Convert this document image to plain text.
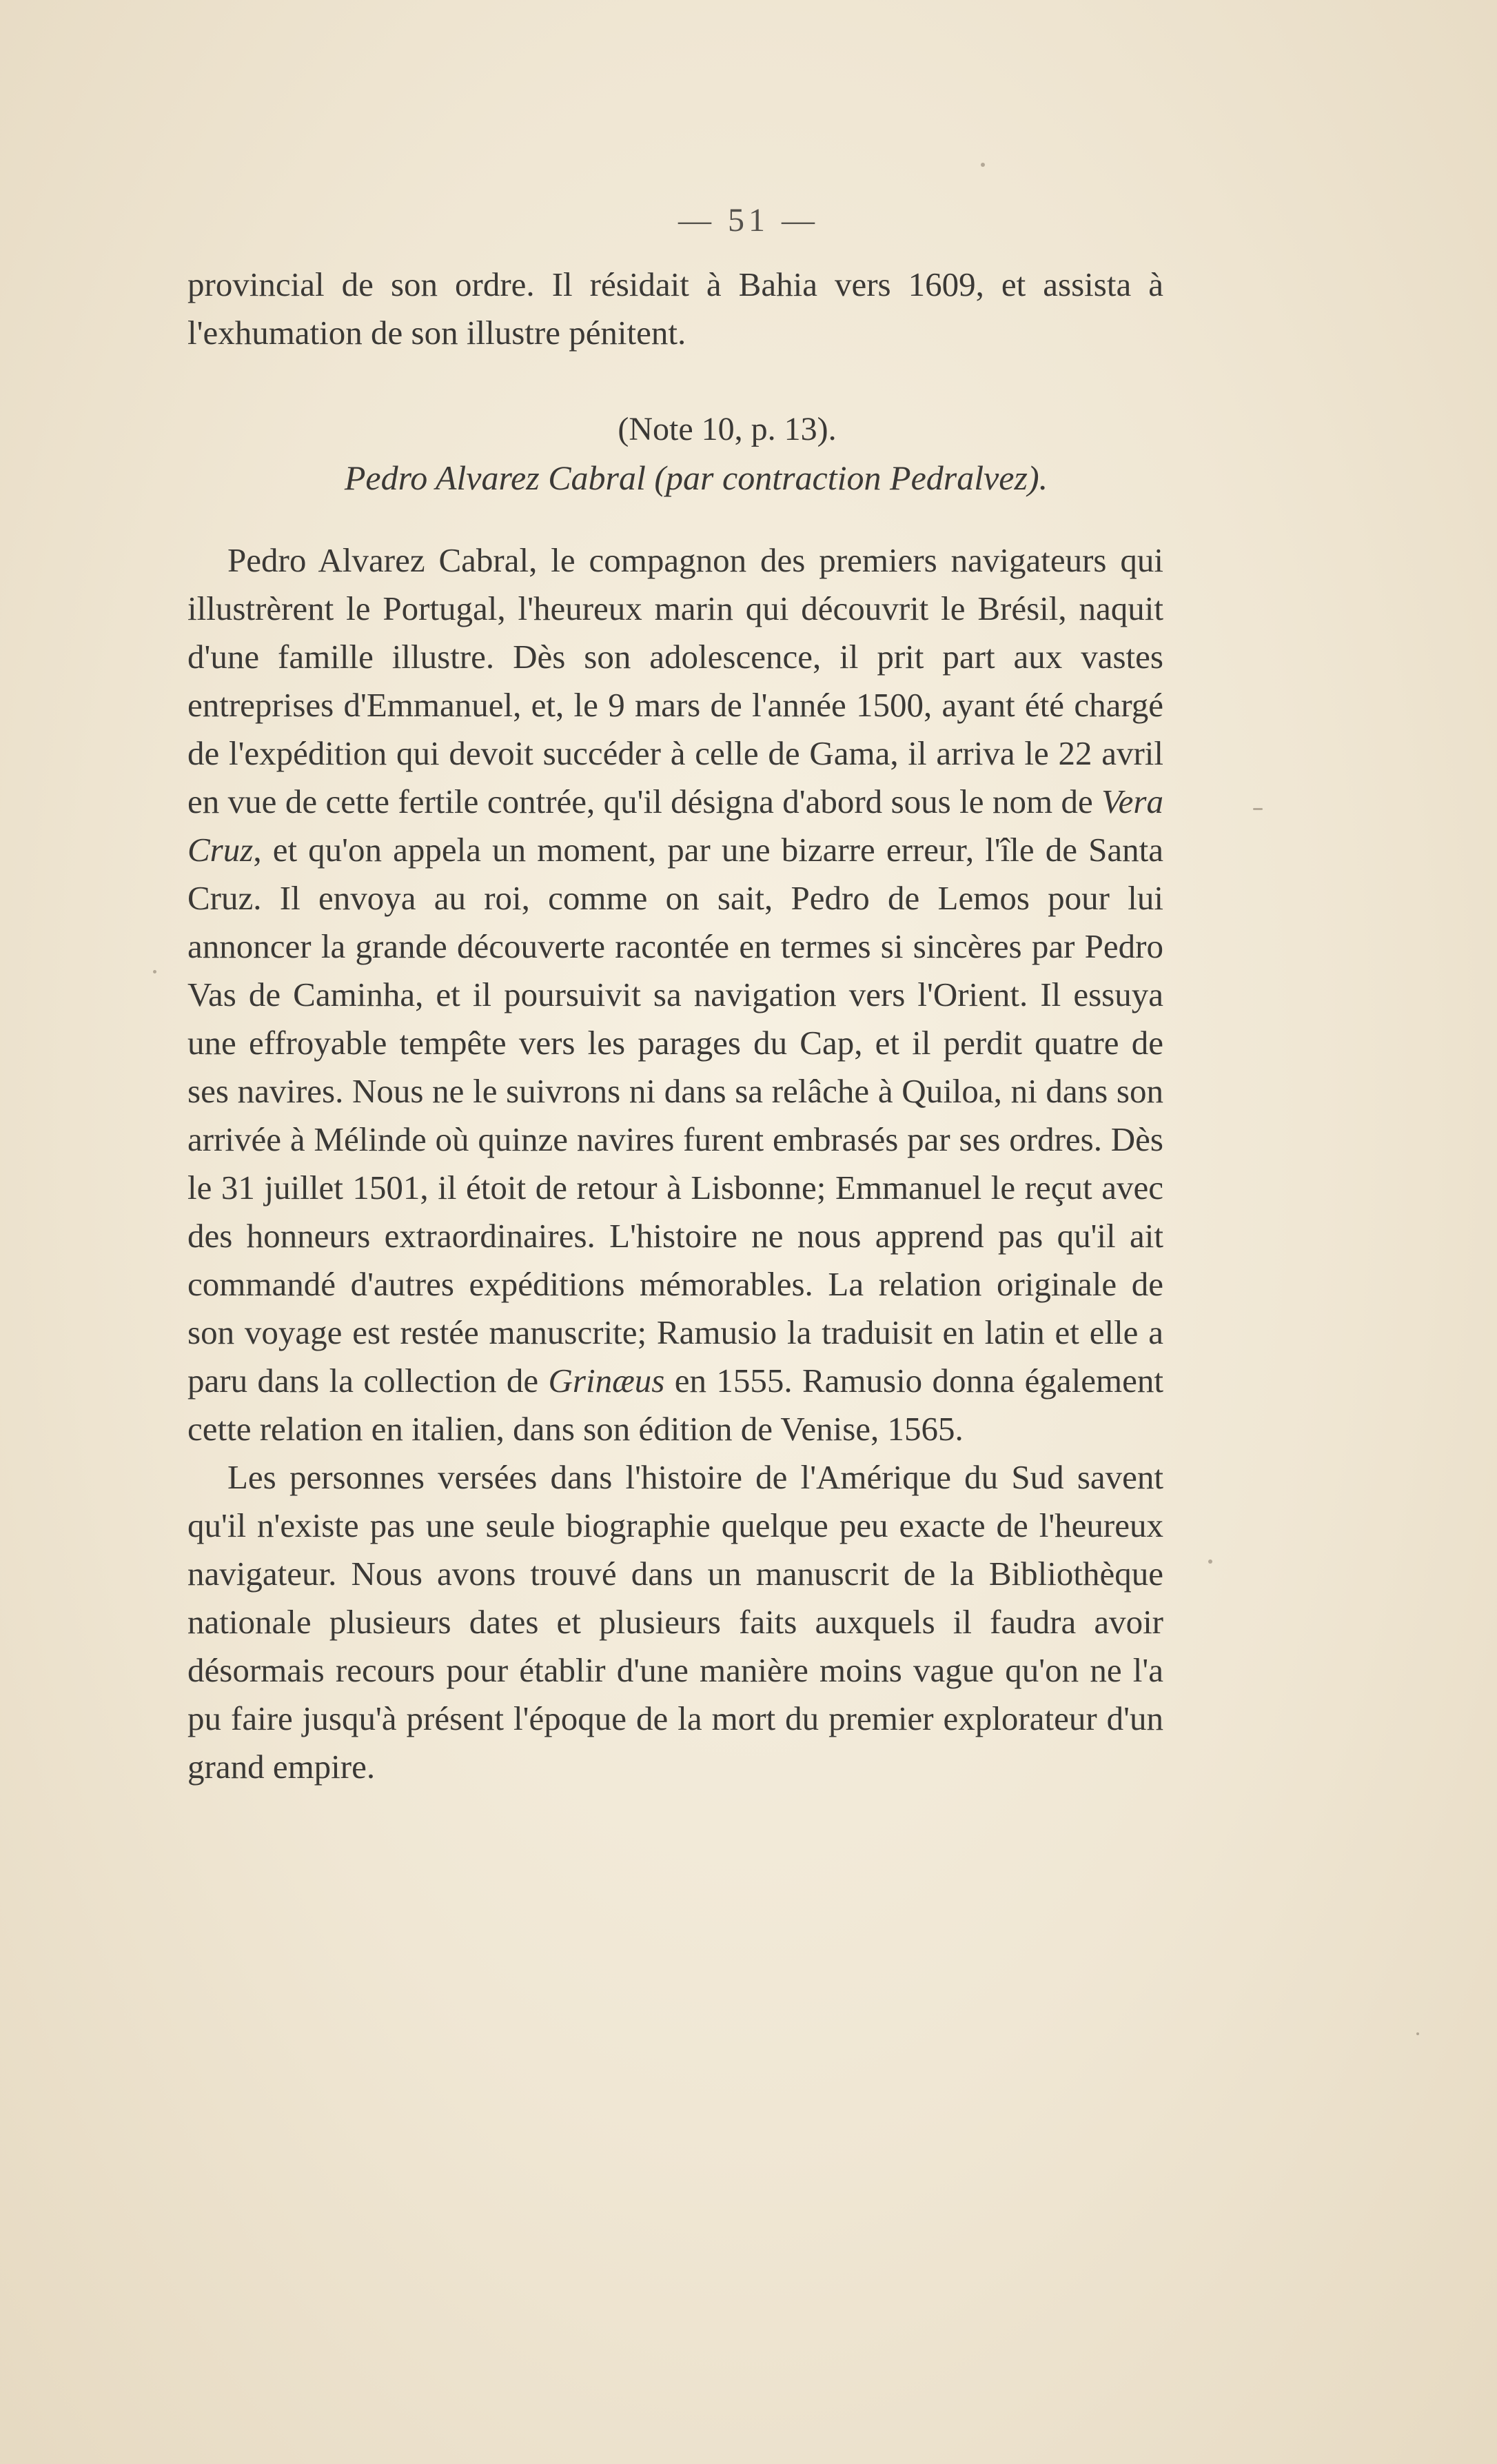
— 51 —

provincial de son ordre. Il résidait à Bahia vers 1609, et assista à l'exhumation de son illustre pénitent.

(Note 10, p. 13).

Pedro Alvarez Cabral (par contraction Pedralvez).

Pedro Alvarez Cabral, le compagnon des premiers navigateurs qui illustrèrent le Portugal, l'heureux marin qui découvrit le Brésil, naquit d'une famille illustre. Dès son adolescence, il prit part aux vastes entreprises d'Emmanuel, et, le 9 mars de l'année 1500, ayant été chargé de l'expédition qui devoit succéder à celle de Gama, il arriva le 22 avril en vue de cette fertile contrée, qu'il désigna d'abord sous le nom de Vera Cruz, et qu'on appela un moment, par une bizarre erreur, l'île de Santa Cruz. Il envoya au roi, comme on sait, Pedro de Lemos pour lui annoncer la grande découverte racontée en termes si sincères par Pedro Vas de Caminha, et il poursuivit sa navigation vers l'Orient. Il essuya une effroyable tempête vers les parages du Cap, et il perdit quatre de ses navires. Nous ne le suivrons ni dans sa relâche à Quiloa, ni dans son arrivée à Mélinde où quinze navires furent embrasés par ses ordres. Dès le 31 juillet 1501, il étoit de retour à Lisbonne; Emmanuel le reçut avec des honneurs extraordinaires. L'histoire ne nous apprend pas qu'il ait commandé d'autres expéditions mémorables. La relation originale de son voyage est restée manuscrite; Ramusio la traduisit en latin et elle a paru dans la collection de Grinæus en 1555. Ramusio donna également cette relation en italien, dans son édition de Venise, 1565.

Les personnes versées dans l'histoire de l'Amérique du Sud savent qu'il n'existe pas une seule biographie quelque peu exacte de l'heureux navigateur. Nous avons trouvé dans un manuscrit de la Bibliothèque nationale plusieurs dates et plusieurs faits auxquels il faudra avoir désormais recours pour établir d'une manière moins vague qu'on ne l'a pu faire jusqu'à présent l'époque de la mort du premier explorateur d'un grand empire.
